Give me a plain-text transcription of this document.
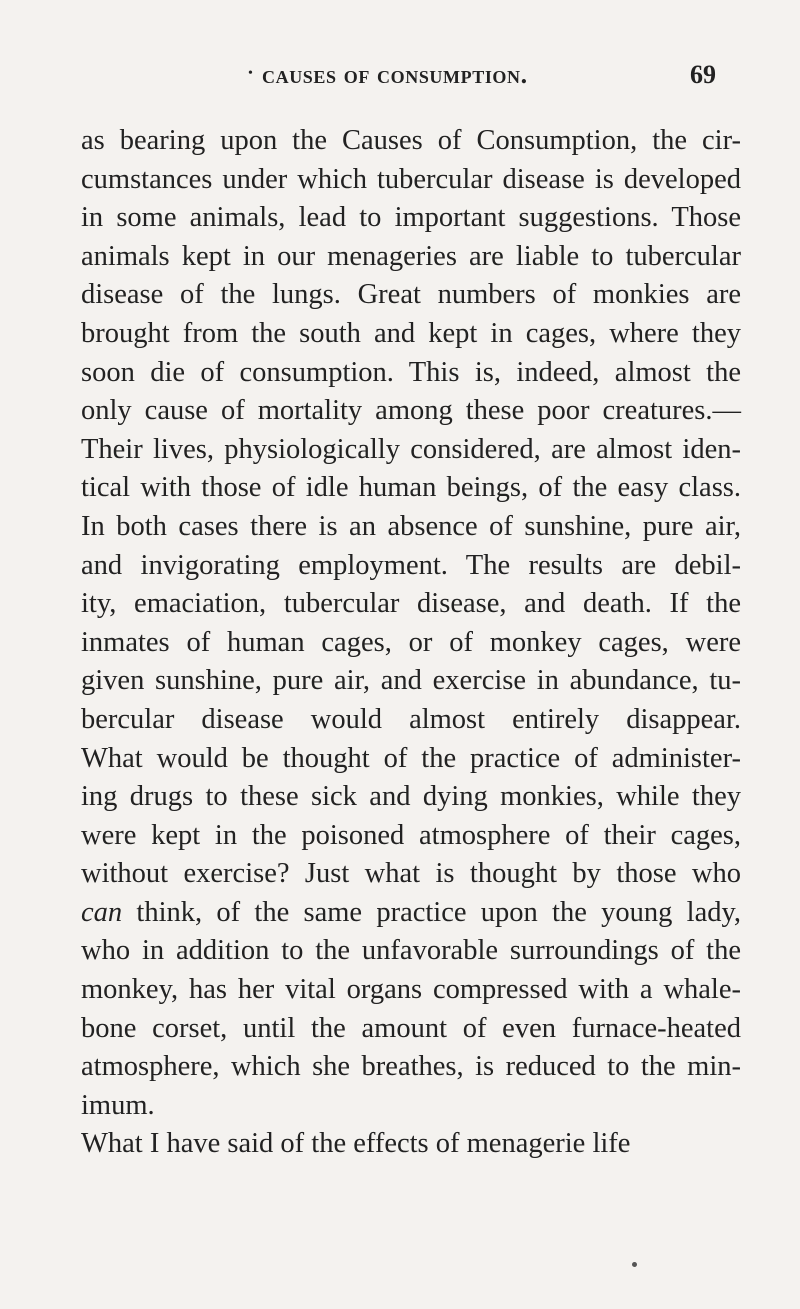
• causes of consumption.	69
as bearing upon the Causes of Consumption, the cir-
cumstances under which tubercular disease is developed
in some animals, lead to important suggestions. Those
animals kept in our menageries are liable to tubercular
disease of the lungs. Great numbers of monkies are
brought from the south and kept in cages, where they
soon die of consumption. This is, indeed, almost the
only cause of mortality among these poor creatures.—
Their lives, physiologically considered, are almost iden-
tical with those of idle human beings, of the easy class.
In both cases there is an absence of sunshine, pure air,
and invigorating employment. The results are debil-
ity, emaciation, tubercular disease, and death. If the
inmates of human cages, or of monkey cages, were
given sunshine, pure air, and exercise in abundance, tu-
bercular disease would almost entirely disappear.
What would be thought of the practice of administer-
ing drugs to these sick and dying monkies, while they
were kept in the poisoned atmosphere of their cages,
without exercise? Just what is thought by those who
can think, of the same practice upon the young lady,
who in addition to the unfavorable surroundings of the
monkey, has her vital organs compressed with a whale-
bone corset, until the amount of even furnace-heated
atmosphere, which she breathes, is reduced to the min-
imum.
What I have said of the effects of menagerie life
